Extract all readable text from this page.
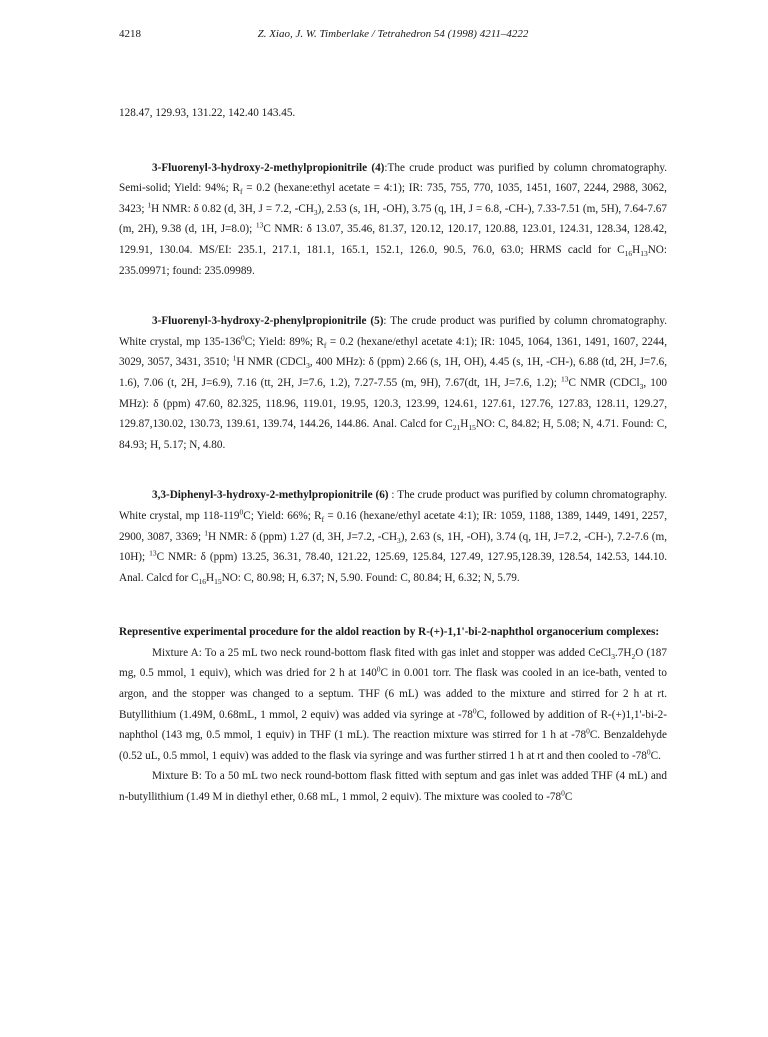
4218	Z. Xiao, J. W. Timberlake / Tetrahedron 54 (1998) 4211–4222

128.47, 129.93, 131.22, 142.40 143.45.

3-Fluorenyl-3-hydroxy-2-methylpropionitrile (4):The crude product was purified by column chromatography. Semi-solid; Yield: 94%; $R_f = 0.2$ (hexane:ethyl acetate = 4:1); IR: 735, 755, 770, 1035, 1451, 1607, 2244, 2988, 3062, 3423; $^1$H NMR: δ 0.82 (d, 3H, J = 7.2, $-CH_3$), 2.53 (s, 1H, -OH), 3.75 (q, 1H, J = 6.8, -CH-), 7.33-7.51 (m, 5H), 7.64-7.67 (m, 2H), 9.38 (d, 1H, J=8.0); $^{13}$C NMR: δ 13.07, 35.46, 81.37, 120.12, 120.17, 120.88, 123.01, 124.31, 128.34, 128.42, 129.91, 130.04. MS/EI: 235.1, 217.1, 181.1, 165.1, 152.1, 126.0, 90.5, 76.0, 63.0; HRMS cacld for $C_{16}H_{13}NO$: 235.09971; found: 235.09989.

3-Fluorenyl-3-hydroxy-2-phenylpropionitrile (5): The crude product was purified by column chromatography. White crystal, mp $135-136^0C$; Yield: 89%; $R_f = 0.2$ (hexane/ethyl acetate 4:1); IR: 1045, 1064, 1361, 1491, 1607, 2244, 3029, 3057, 3431, 3510; $^1$H NMR (CDCl$_3$, 400 MHz): δ (ppm) 2.66 (s, 1H, OH), 4.45 (s, 1H, -CH-), 6.88 (td, 2H, J=7.6, 1.6), 7.06 (t, 2H, J=6.9), 7.16 (tt, 2H, J=7.6, 1.2), 7.27-7.55 (m, 9H), 7.67(dt, 1H, J=7.6, 1.2); $^{13}$C NMR (CDCl$_3$, 100 MHz): δ (ppm) 47.60, 82.325, 118.96, 119.01, 19.95, 120.3, 123.99, 124.61, 127.61, 127.76, 127.83, 128.11, 129.27, 129.87,130.02, 130.73, 139.61, 139.74, 144.26, 144.86. Anal. Calcd for $C_{21}H_{15}NO$: C, 84.82; H, 5.08; N, 4.71. Found: C, 84.93; H, 5.17; N, 4.80.

3,3-Diphenyl-3-hydroxy-2-methylpropionitrile (6) : The crude product was purified by column chromatography. White crystal, mp $118-119^0C$; Yield: 66%; $R_f = 0.16$ (hexane/ethyl acetate 4:1); IR: 1059, 1188, 1389, 1449, 1491, 2257, 2900, 3087, 3369; $^1$H NMR: δ (ppm) 1.27 (d, 3H, J=7.2, $-CH_3$), 2.63 (s, 1H, -OH), 3.74 (q, 1H, J=7.2, -CH-), 7.2-7.6 (m, 10H); $^{13}$C NMR: δ (ppm) 13.25, 36.31, 78.40, 121.22, 125.69, 125.84, 127.49, 127.95,128.39, 128.54, 142.53, 144.10. Anal. Calcd for $C_{16}H_{15}NO$: C, 80.98; H, 6.37; N, 5.90. Found: C, 80.84; H, 6.32; N, 5.79.

Representive experimental procedure for the aldol reaction by R-(+)-1,1'-bi-2-naphthol organocerium complexes:

Mixture A: To a 25 mL two neck round-bottom flask fited with gas inlet and stopper was added $CeCl_3.7H_2O$ (187 mg, 0.5 mmol, 1 equiv), which was dried for 2 h at $140^0C$ in 0.001 torr. The flask was cooled in an ice-bath, vented to argon, and the stopper was changed to a septum. THF (6 mL) was added to the mixture and stirred for 2 h at rt. Butyllithium (1.49M, 0.68mL, 1 mmol, 2 equiv) was added via syringe at $-78^0C$, followed by addition of R-(+)1,1'-bi-2-naphthol (143 mg, 0.5 mmol, 1 equiv) in THF (1 mL). The reaction mixture was stirred for 1 h at $-78^0C$. Benzaldehyde (0.52 uL, 0.5 mmol, 1 equiv) was added to the flask via syringe and was further stirred 1 h at rt and then cooled to $-78^0C$.

Mixture B: To a 50 mL two neck round-bottom flask fitted with septum and gas inlet was added THF (4 mL) and n-butyllithium (1.49 M in diethyl ether, 0.68 mL, 1 mmol, 2 equiv). The mixture was cooled to $-78^0C$
